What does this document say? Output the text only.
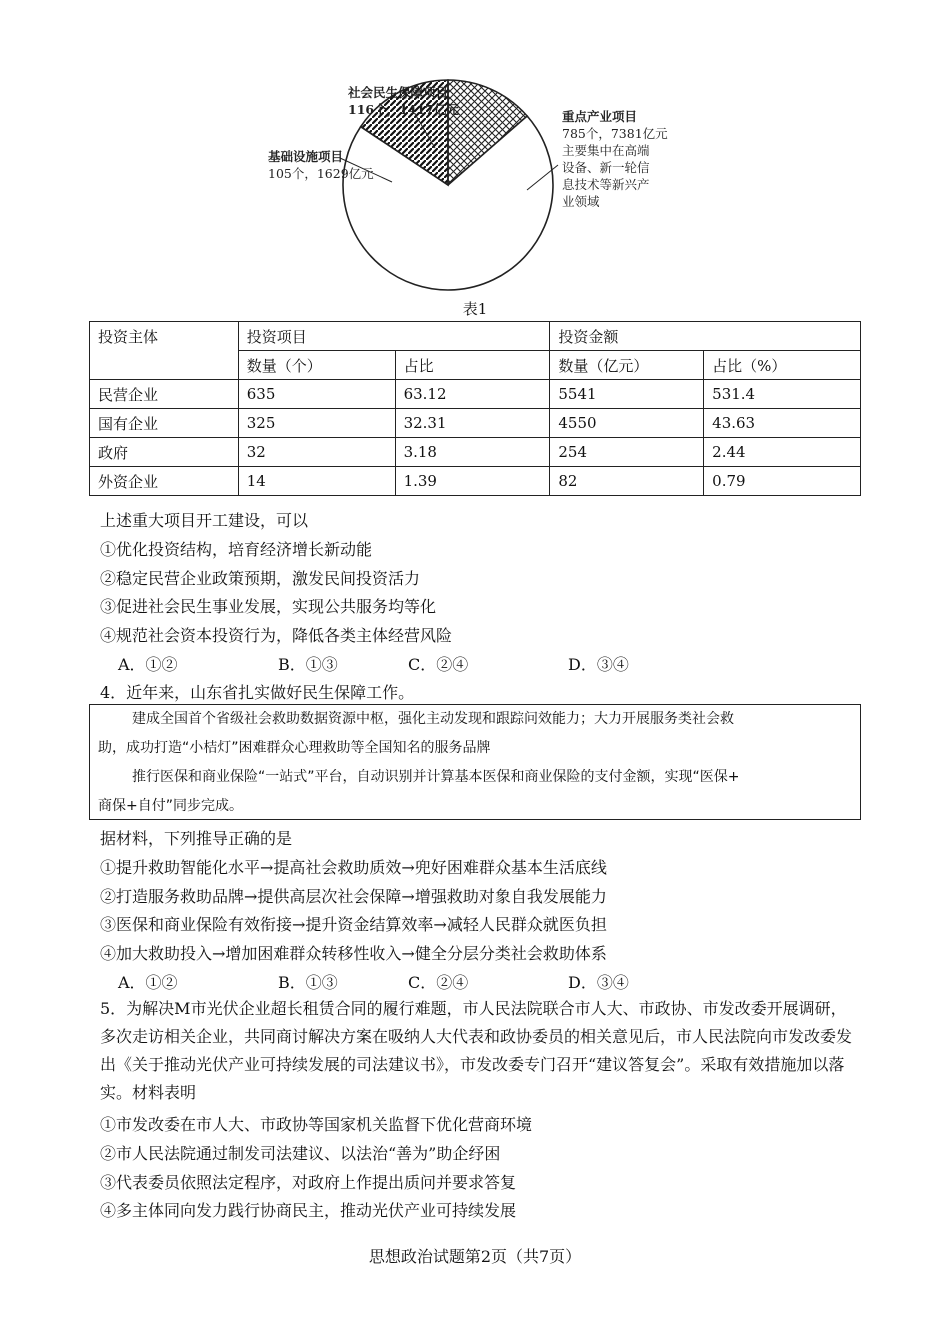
社会民生保障项目
116个，1417亿元
基础设施项目
105个，1629亿元
重点产业项目
785个，7381亿元
主要集中在高端
设备、新一轮信
息技术等新兴产
业领域
表1
投资主体	投资项目		投资金额	
	数量（个）	占比	数量（亿元）	占比（%）
民营企业	635	63.12	5541	531.4
国有企业	325	32.31	4550	43.63
政府	32	3.18	254	2.44
外资企业	14	1.39	82	0.79
上述重大项目开工建设，可以
①优化投资结构，培育经济增长新动能
②稳定民营企业政策预期，激发民间投资活力
③促进社会民生事业发展，实现公共服务均等化
④规范社会资本投资行为，降低各类主体经营风险
A．①②	B．①③	C．②④	D．③④
4．近年来，山东省扎实做好民生保障工作。

建成全国首个省级社会救助数据资源中枢，强化主动发现和跟踪问效能力；大力开展服务类社会救

助，成功打造“小桔灯”困难群众心理救助等全国知名的服务品牌

推行医保和商业保险“一站式”平台，自动识别并计算基本医保和商业保险的支付金额，实现“医保+

商保+自付”同步完成。

据材料，下列推导正确的是
①提升救助智能化水平→提高社会救助质效→兜好困难群众基本生活底线
②打造服务救助品牌→提供高层次社会保障→增强救助对象自我发展能力
③医保和商业保险有效衔接→提升资金结算效率→减轻人民群众就医负担
④加大救助投入→增加困难群众转移性收入→健全分层分类社会救助体系
A．①②	B．①③	C．②④	D．③④
5．为解决M市光伏企业超长租赁合同的履行难题，市人民法院联合市人大、市政协、市发改委开展调研，多次走访相关企业，共同商讨解决方案在吸纳人大代表和政协委员的相关意见后，市人民法院向市发改委发出《关于推动光伏产业可持续发展的司法建议书》，市发改委专门召开“建议答复会”。采取有效措施加以落实。材料表明
①市发改委在市人大、市政协等国家机关监督下优化营商环境
②市人民法院通过制发司法建议、以法治“善为”助企纾困
③代表委员依照法定程序，对政府上作提出质问并要求答复
④多主体同向发力践行协商民主，推动光伏产业可持续发展
思想政治试题第2页（共7页）
